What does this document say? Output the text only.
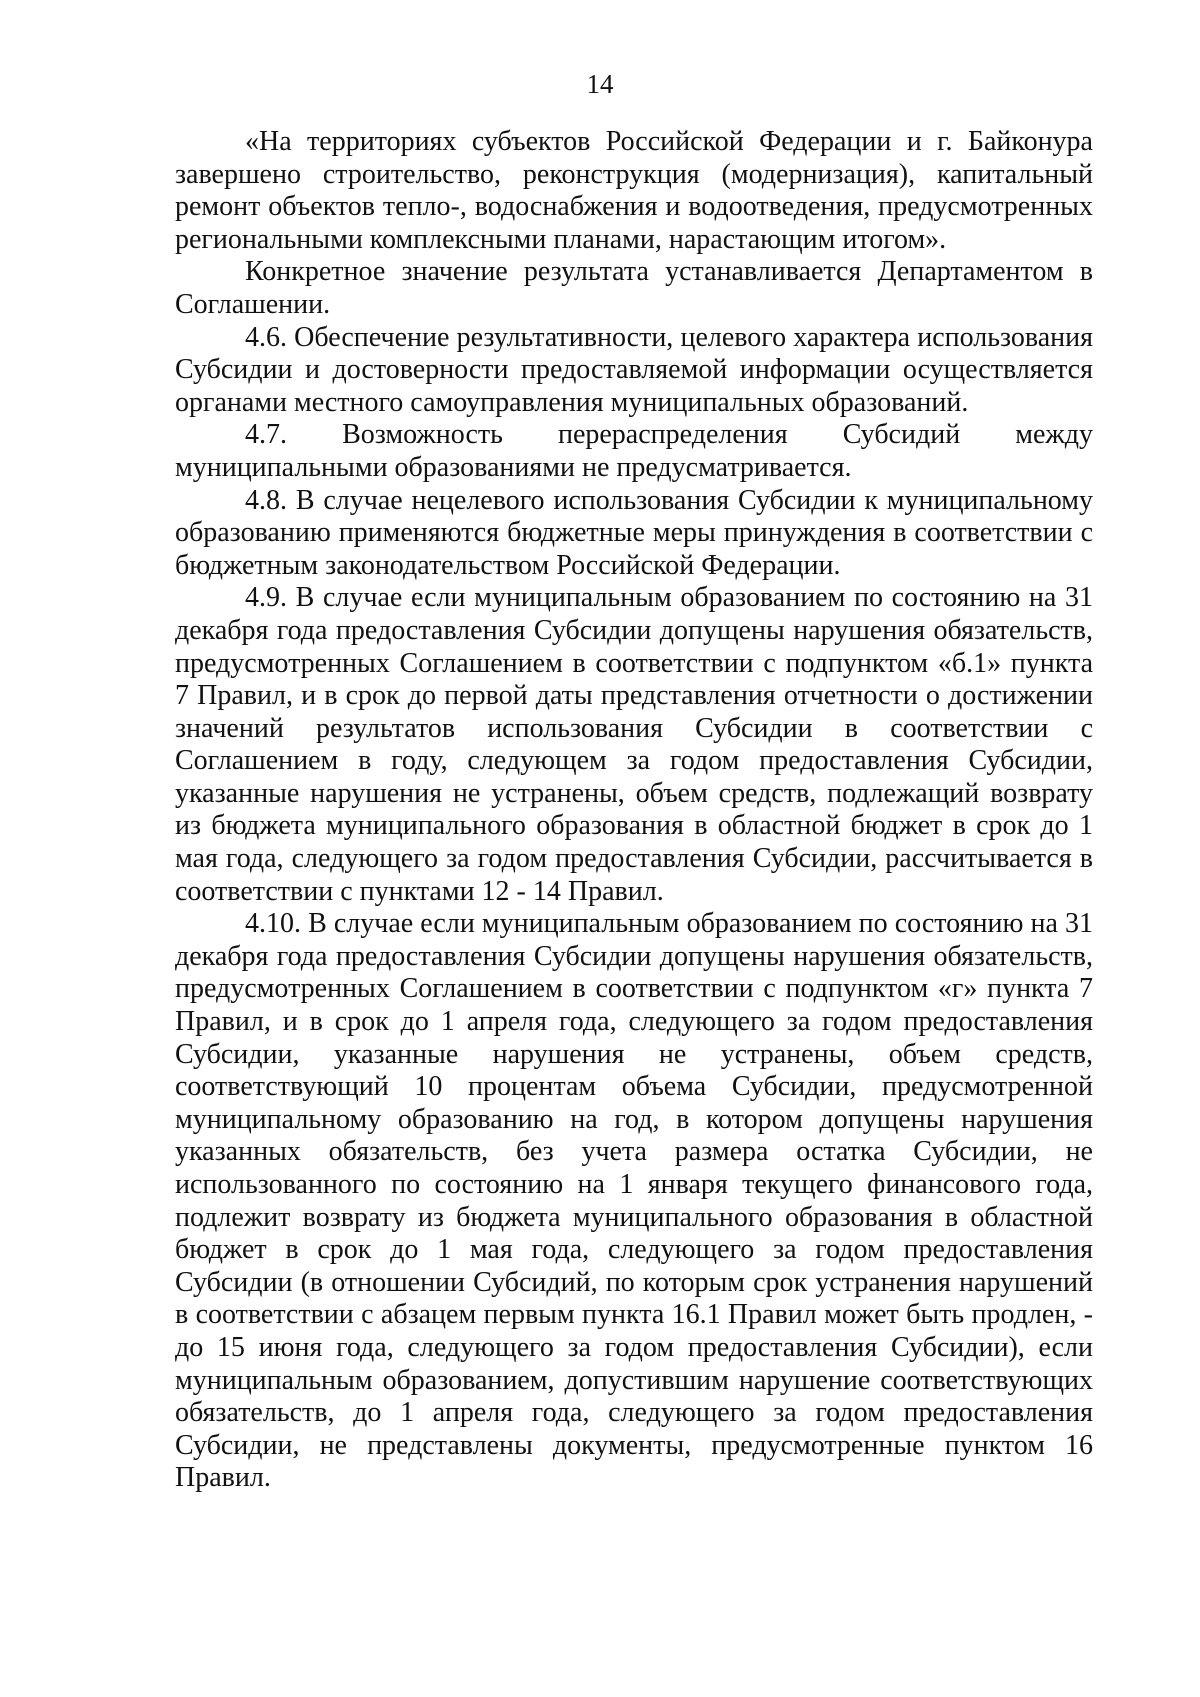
14

«На территориях субъектов Российской Федерации и г. Байконура завершено строительство, реконструкция (модернизация), капитальный ремонт объектов тепло-, водоснабжения и водоотведения, предусмотренных региональными комплексными планами, нарастающим итогом».

Конкретное значение результата устанавливается Департаментом в Соглашении.

4.6. Обеспечение результативности, целевого характера использования Субсидии и достоверности предоставляемой информации осуществляется органами местного самоуправления муниципальных образований.

4.7. Возможность перераспределения Субсидий между муниципальными образованиями не предусматривается.

4.8. В случае нецелевого использования Субсидии к муниципальному образованию применяются бюджетные меры принуждения в соответствии с бюджетным законодательством Российской Федерации.

4.9. В случае если муниципальным образованием по состоянию на 31 декабря года предоставления Субсидии допущены нарушения обязательств, предусмотренных Соглашением в соответствии с подпунктом «б.1» пункта 7 Правил, и в срок до первой даты представления отчетности о достижении значений результатов использования Субсидии в соответствии с Соглашением в году, следующем за годом предоставления Субсидии, указанные нарушения не устранены, объем средств, подлежащий возврату из бюджета муниципального образования в областной бюджет в срок до 1 мая года, следующего за годом предоставления Субсидии, рассчитывается в соответствии с пунктами 12 - 14 Правил.

4.10. В случае если муниципальным образованием по состоянию на 31 декабря года предоставления Субсидии допущены нарушения обязательств, предусмотренных Соглашением в соответствии с подпунктом «г» пункта 7 Правил, и в срок до 1 апреля года, следующего за годом предоставления Субсидии, указанные нарушения не устранены, объем средств, соответствующий 10 процентам объема Субсидии, предусмотренной муниципальному образованию на год, в котором допущены нарушения указанных обязательств, без учета размера остатка Субсидии, не использованного по состоянию на 1 января текущего финансового года, подлежит возврату из бюджета муниципального образования в областной бюджет в срок до 1 мая года, следующего за годом предоставления Субсидии (в отношении Субсидий, по которым срок устранения нарушений в соответствии с абзацем первым пункта 16.1 Правил может быть продлен, - до 15 июня года, следующего за годом предоставления Субсидии), если муниципальным образованием, допустившим нарушение соответствующих обязательств, до 1 апреля года, следующего за годом предоставления Субсидии, не представлены документы, предусмотренные пунктом 16 Правил.
